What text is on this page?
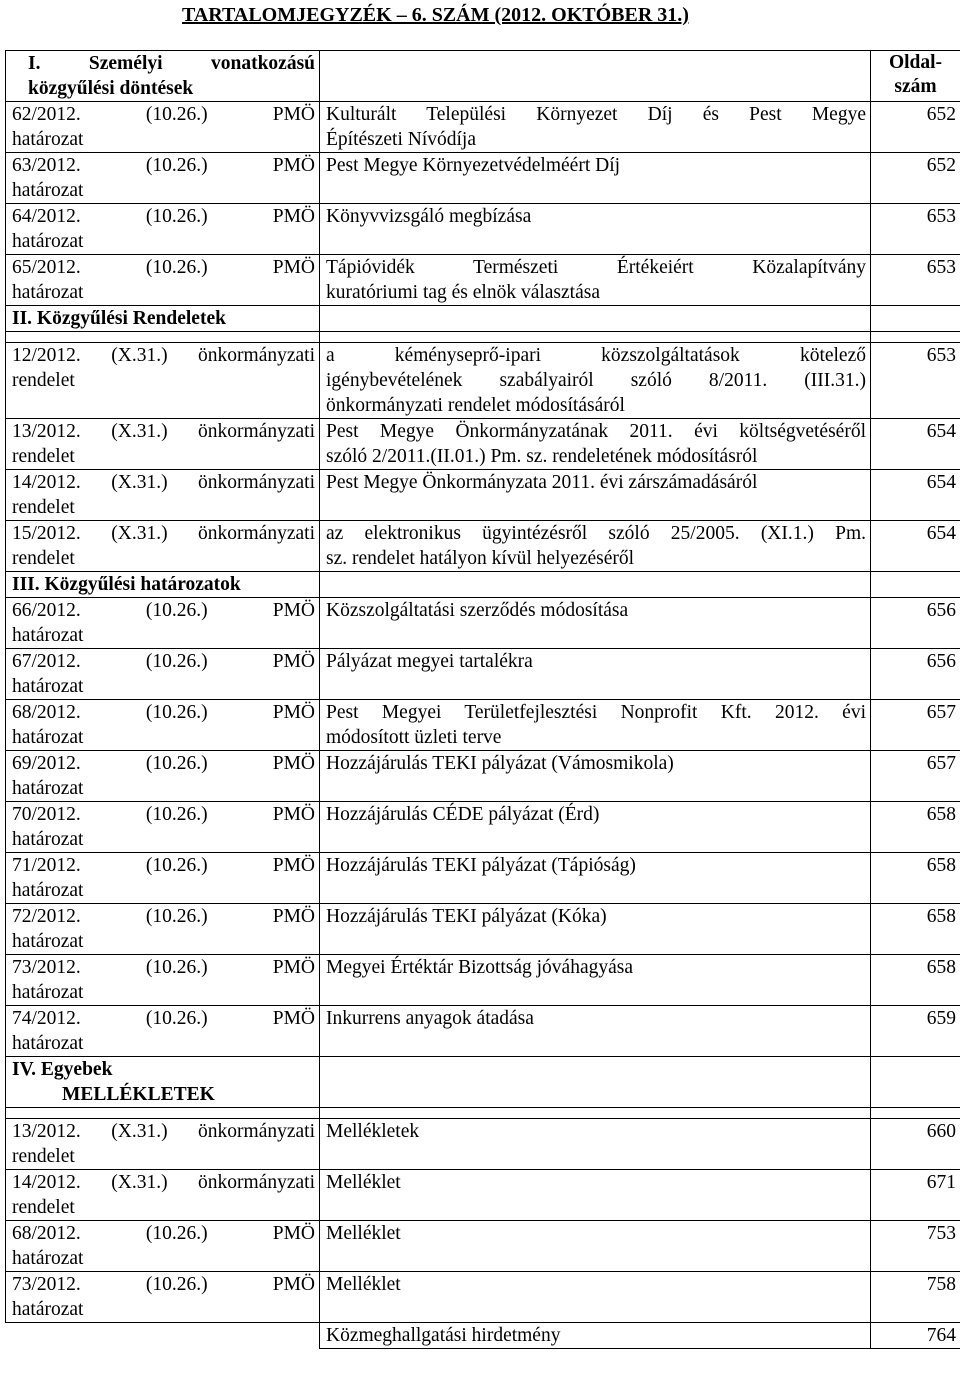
TARTALOMJEGYZÉK – 6. SZÁM (2012. OKTÓBER 31.)
I. Személyi vonatkozású
közgyűlési döntések		Oldal-
szám

62/2012. (10.26.) PMÖ
határozat	Kulturált Települési Környezet Díj és Pest Megye
Építészeti Nívódíja	652

63/2012. (10.26.) PMÖ
határozat	Pest Megye Környezetvédelméért Díj	652

64/2012. (10.26.) PMÖ
határozat	Könyvvizsgáló megbízása	653

65/2012. (10.26.) PMÖ
határozat	Tápióvidék Természeti Értékeiért Közalapítvány
kuratóriumi tag és elnök választása	653

II. Közgyűlési Rendeletek		

12/2012. (X.31.) önkormányzati
rendelet	a kéményseprő-ipari közszolgáltatások kötelező
igénybevételének szabályairól szóló 8/2011. (III.31.)
önkormányzati rendelet módosításáról	653

13/2012. (X.31.) önkormányzati
rendelet	Pest Megye Önkormányzatának 2011. évi költségvetéséről
szóló 2/2011.(II.01.) Pm. sz. rendeletének módosításról	654

14/2012. (X.31.) önkormányzati
rendelet	Pest Megye Önkormányzata 2011. évi zárszámadásáról	654

15/2012. (X.31.) önkormányzati
rendelet	az elektronikus ügyintézésről szóló 25/2005. (XI.1.) Pm.
sz. rendelet hatályon kívül helyezéséről	654

III. Közgyűlési határozatok		

66/2012. (10.26.) PMÖ
határozat	Közszolgáltatási szerződés módosítása	656

67/2012. (10.26.) PMÖ
határozat	Pályázat megyei tartalékra	656

68/2012. (10.26.) PMÖ
határozat	Pest Megyei Területfejlesztési Nonprofit Kft. 2012. évi
módosított üzleti terve	657

69/2012. (10.26.) PMÖ
határozat	Hozzájárulás TEKI pályázat (Vámosmikola)	657

70/2012. (10.26.) PMÖ
határozat	Hozzájárulás CÉDE pályázat (Érd)	658

71/2012. (10.26.) PMÖ
határozat	Hozzájárulás TEKI pályázat (Tápióság)	658

72/2012. (10.26.) PMÖ
határozat	Hozzájárulás TEKI pályázat (Kóka)	658

73/2012. (10.26.) PMÖ
határozat	Megyei Értéktár Bizottság jóváhagyása	658

74/2012. (10.26.) PMÖ
határozat	Inkurrens anyagok átadása	659

IV. Egyebek
MELLÉKLETEK		

13/2012. (X.31.) önkormányzati
rendelet	Mellékletek	660

14/2012. (X.31.) önkormányzati
rendelet	Melléklet	671

68/2012. (10.26.) PMÖ
határozat	Melléklet	753

73/2012. (10.26.) PMÖ
határozat	Melléklet	758

	Közmeghallgatási hirdetmény	764
